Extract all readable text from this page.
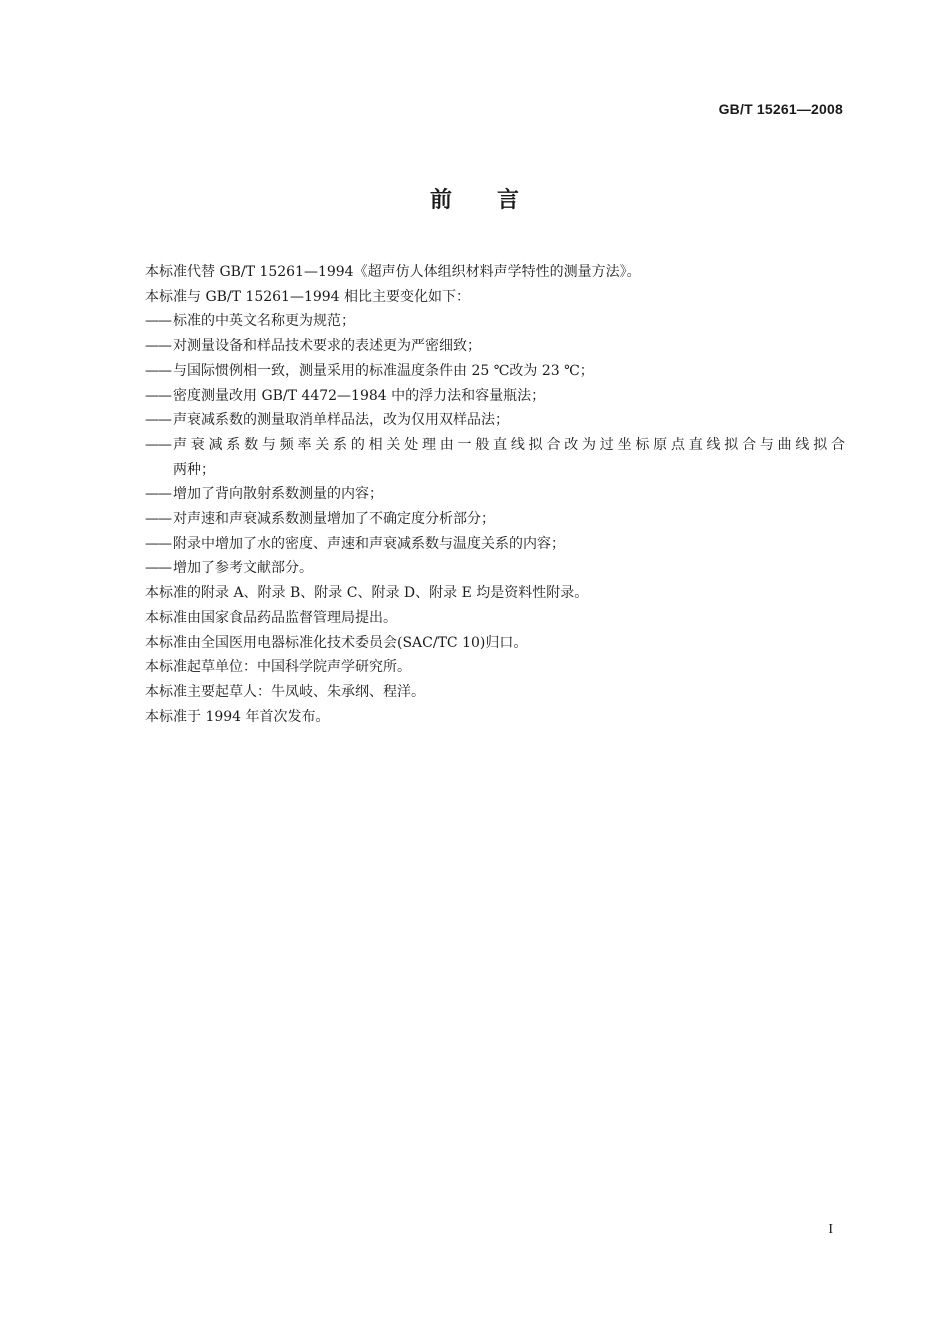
GB/T 15261—2008
前 言

本标准代替 GB/T 15261—1994《超声仿人体组织材料声学特性的测量方法》。

本标准与 GB/T 15261—1994 相比主要变化如下：

—— 标准的中英文名称更为规范；
—— 对测量设备和样品技术要求的表述更为严密细致；
—— 与国际惯例相一致，测量采用的标准温度条件由 25 ℃改为 23 ℃；
—— 密度测量改用 GB/T 4472—1984 中的浮力法和容量瓶法；
—— 声衰减系数的测量取消单样品法，改为仅用双样品法；
—— 声衰减系数与频率关系的相关处理由一般直线拟合改为过坐标原点直线拟合与曲线拟合

两种；

—— 增加了背向散射系数测量的内容；
—— 对声速和声衰减系数测量增加了不确定度分析部分；
—— 附录中增加了水的密度、声速和声衰减系数与温度关系的内容；
—— 增加了参考文献部分。

本标准的附录 A、附录 B、附录 C、附录 D、附录 E 均是资料性附录。

本标准由国家食品药品监督管理局提出。

本标准由全国医用电器标准化技术委员会(SAC/TC 10)归口。

本标准起草单位：中国科学院声学研究所。

本标准主要起草人：牛凤岐、朱承纲、程洋。

本标准于 1994 年首次发布。

I
